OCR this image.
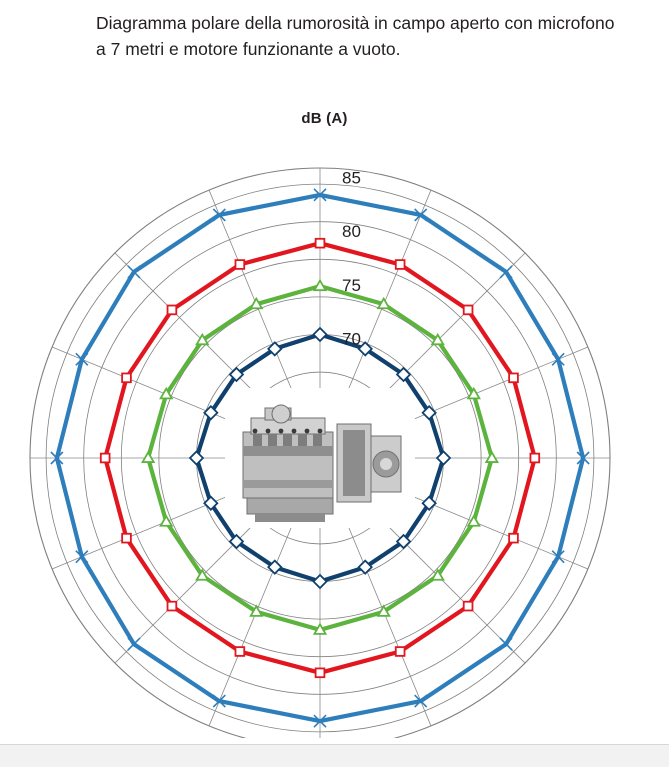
Diagramma polare della rumorosità in campo aperto con microfono a 7 metri e motore funzionante a vuoto.
dB (A)
85
80
75
70
